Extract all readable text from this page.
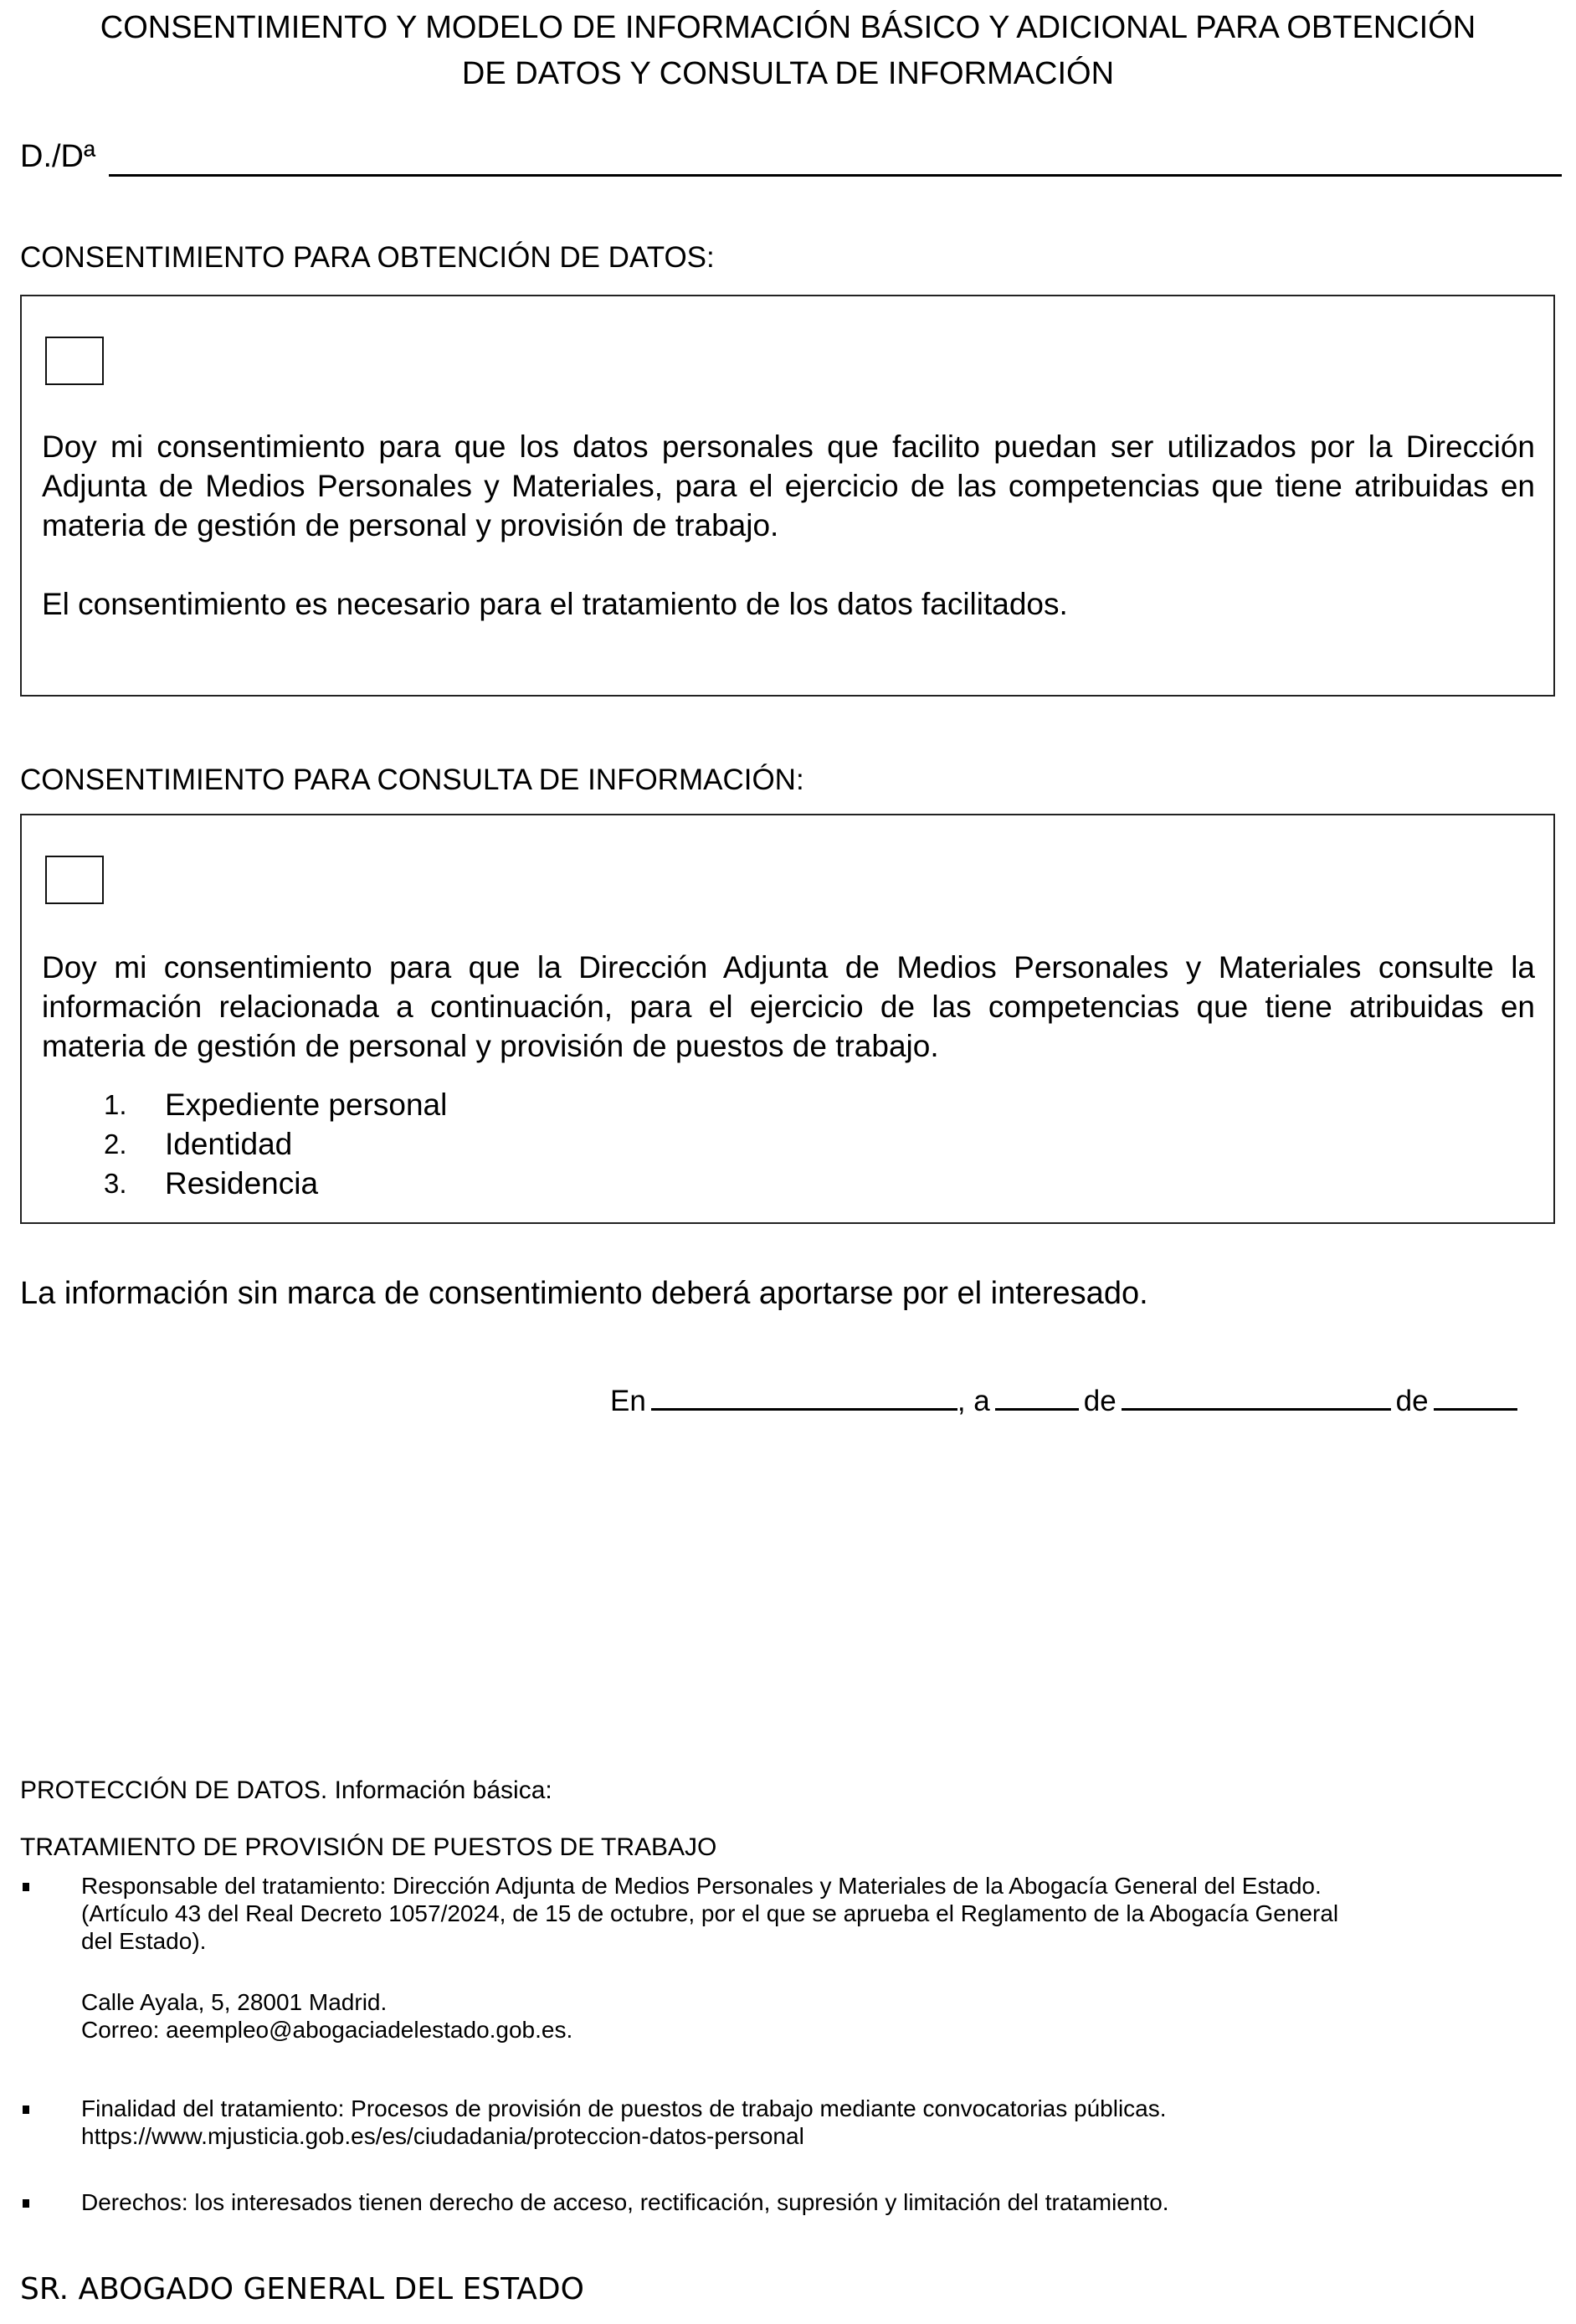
CONSENTIMIENTO Y MODELO DE INFORMACIÓN BÁSICO Y ADICIONAL PARA OBTENCIÓN
DE DATOS Y CONSULTA DE INFORMACIÓN
D./Dª
CONSENTIMIENTO PARA OBTENCIÓN DE DATOS:
Doy mi consentimiento para que los datos personales que facilito puedan ser utilizados por la Dirección Adjunta de Medios Personales y Materiales, para el ejercicio de las competencias que tiene atribuidas en materia de gestión de personal y provisión de trabajo.
El consentimiento es necesario para el tratamiento de los datos facilitados.
CONSENTIMIENTO PARA CONSULTA DE INFORMACIÓN:
Doy mi consentimiento para que la Dirección Adjunta de Medios Personales y Materiales consulte la información relacionada a continuación, para el ejercicio de las competencias que tiene atribuidas en materia de gestión de personal y provisión de puestos de trabajo.
1. Expediente personal
2. Identidad
3. Residencia
La información sin marca de consentimiento deberá aportarse por el interesado.
En	, a	de	de
PROTECCIÓN DE DATOS. Información básica:
TRATAMIENTO DE PROVISIÓN DE PUESTOS DE TRABAJO
Responsable del tratamiento: Dirección Adjunta de Medios Personales y Materiales de la Abogacía General del Estado.
(Artículo 43 del Real Decreto 1057/2024, de 15 de octubre, por el que se aprueba el Reglamento de la Abogacía General
del Estado).
Calle Ayala, 5, 28001 Madrid.
Correo: aeempleo@abogaciadelestado.gob.es.
Finalidad del tratamiento: Procesos de provisión de puestos de trabajo mediante convocatorias públicas.
https://www.mjusticia.gob.es/es/ciudadania/proteccion-datos-personal
Derechos: los interesados tienen derecho de acceso, rectificación, supresión y limitación del tratamiento.
SR. ABOGADO GENERAL DEL ESTADO
